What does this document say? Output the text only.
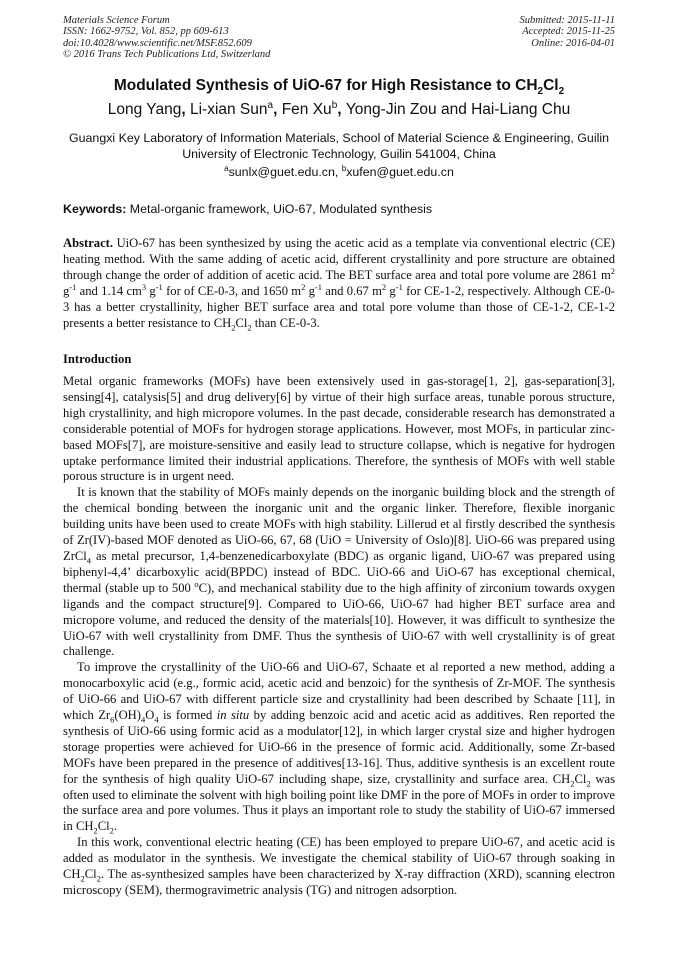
Materials Science Forum
ISSN: 1662-9752, Vol. 852, pp 609-613
doi:10.4028/www.scientific.net/MSF.852.609
© 2016 Trans Tech Publications Ltd, Switzerland
Submitted: 2015-11-11
Accepted: 2015-11-25
Online: 2016-04-01
Modulated Synthesis of UiO-67 for High Resistance to $CH_2Cl_2$
Long Yang, Li-xian Sun$^a$, Fen Xu$^b$, Yong-Jin Zou and Hai-Liang Chu
Guangxi Key Laboratory of Information Materials, School of Material Science & Engineering, Guilin University of Electronic Technology, Guilin 541004, China
$^a$sunlx@guet.edu.cn, $^b$xufen@guet.edu.cn
Keywords: Metal-organic framework, UiO-67, Modulated synthesis
Abstract. UiO-67 has been synthesized by using the acetic acid as a template via conventional electric (CE) heating method. With the same adding of acetic acid, different crystallinity and pore structure are obtained through change the order of addition of acetic acid. The BET surface area and total pore volume are 2861 $m^2$ $g^{-1}$ and 1.14 $cm^3$ $g^{-1}$ for of CE-0-3, and 1650 $m^2$ $g^{-1}$ and 0.67 $m^2$ $g^{-1}$ for CE-1-2, respectively. Although CE-0-3 has a better crystallinity, higher BET surface area and total pore volume than those of CE-1-2, CE-1-2 presents a better resistance to $CH_2Cl_2$ than CE-0-3.
Introduction

Metal organic frameworks (MOFs) have been extensively used in gas-storage[1, 2], gas-separation[3], sensing[4], catalysis[5] and drug delivery[6] by virtue of their high surface areas, tunable porous structure, high crystallinity, and high micropore volumes. In the past decade, considerable research has demonstrated a considerable potential of MOFs for hydrogen storage applications. However, most MOFs, in particular zinc-based MOFs[7], are moisture-sensitive and easily lead to structure collapse, which is negative for hydrogen uptake performance limited their industrial applications. Therefore, the synthesis of MOFs with well stable porous structure is in urgent need.

It is known that the stability of MOFs mainly depends on the inorganic building block and the strength of the chemical bonding between the inorganic unit and the organic linker. Therefore, flexible inorganic building units have been used to create MOFs with high stability. Lillerud et al firstly described the synthesis of Zr(IV)-based MOF denoted as UiO-66, 67, 68 (UiO = University of Oslo)[8]. UiO-66 was prepared using ZrCl$_4$ as metal precursor, 1,4-benzenedicarboxylate (BDC) as organic ligand, UiO-67 was prepared using biphenyl-4,4’ dicarboxylic acid(BPDC) instead of BDC. UiO-66 and UiO-67 has exceptional chemical, thermal (stable up to 500 $^o$C), and mechanical stability due to the high affinity of zirconium towards oxygen ligands and the compact structure[9]. Compared to UiO-66, UiO-67 had higher BET surface area and micropore volume, and reduced the density of the materials[10]. However, it was difficult to synthesize the UiO-67 with well crystallinity from DMF. Thus the synthesis of UiO-67 with well crystallinity is of great challenge.

To improve the crystallinity of the UiO-66 and UiO-67, Schaate et al reported a new method, adding a monocarboxylic acid (e.g., formic acid, acetic acid and benzoic) for the synthesis of Zr-MOF. The synthesis of UiO-66 and UiO-67 with different particle size and crystallinity had been described by Schaate [11], in which $Zr_6(OH)_4O_4$ is formed in situ by adding benzoic acid and acetic acid as additives. Ren reported the synthesis of UiO-66 using formic acid as a modulator[12], in which larger crystal size and higher hydrogen storage properties were achieved for UiO-66 in the presence of formic acid. Additionally, some Zr-based MOFs have been prepared in the presence of additives[13-16]. Thus, additive synthesis is an excellent route for the synthesis of high quality UiO-67 including shape, size, crystallinity and surface area. $CH_2Cl_2$ was often used to eliminate the solvent with high boiling point like DMF in the pore of MOFs in order to improve the surface area and pore volumes. Thus it plays an important role to study the stability of UiO-67 immersed in $CH_2Cl_2$.

In this work, conventional electric heating (CE) has been employed to prepare UiO-67, and acetic acid is added as modulator in the synthesis. We investigate the chemical stability of UiO-67 through soaking in $CH_2Cl_2$. The as-synthesized samples have been characterized by X-ray diffraction (XRD), scanning electron microscopy (SEM), thermogravimetric analysis (TG) and nitrogen adsorption.
